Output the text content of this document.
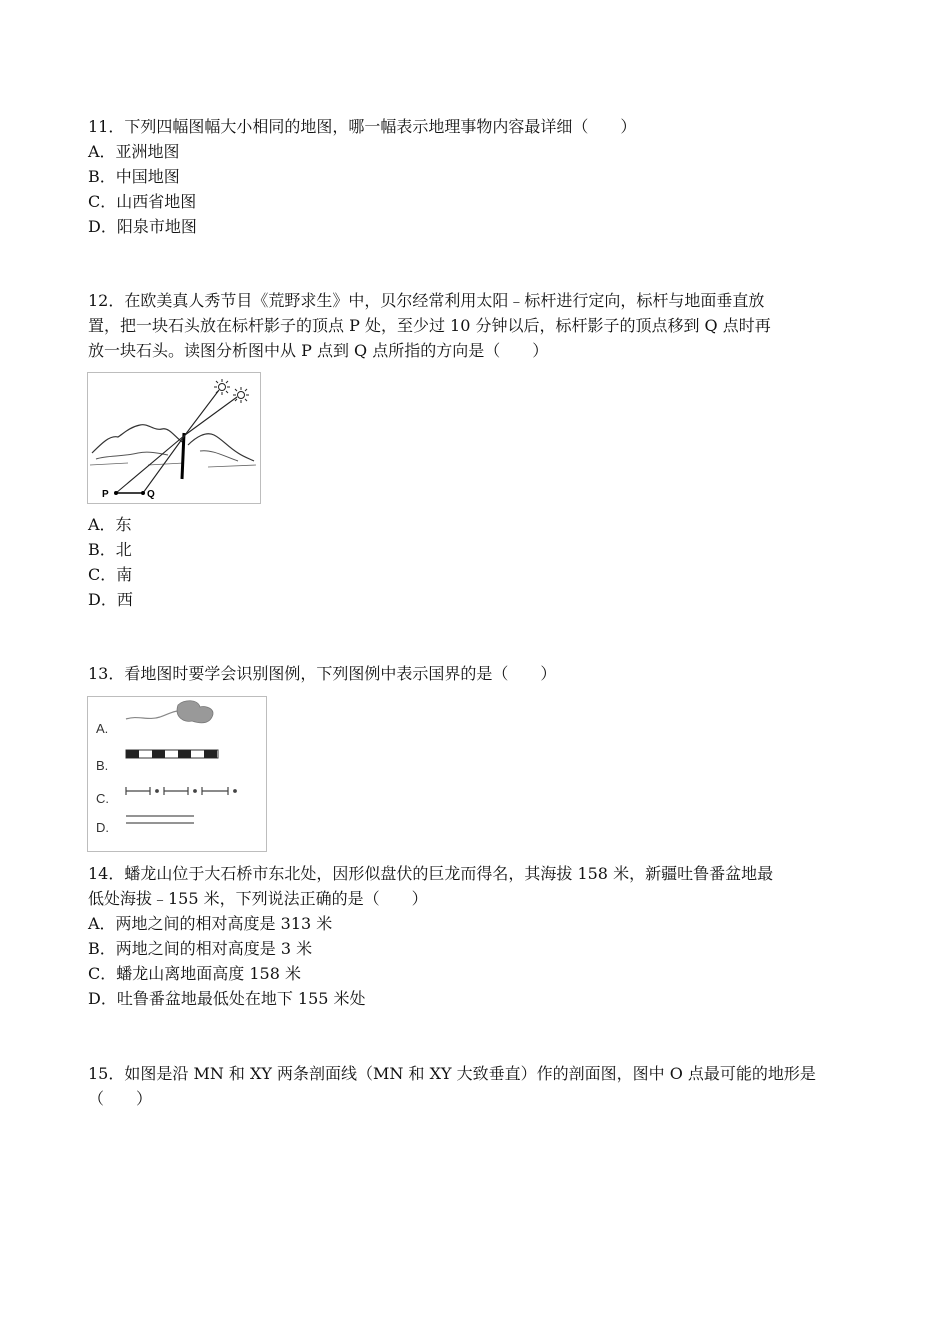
11．下列四幅图幅大小相同的地图，哪一幅表示地理事物内容最详细（　　）
A．亚洲地图
B．中国地图
C．山西省地图
D．阳泉市地图
12．在欧美真人秀节目《荒野求生》中，贝尔经常利用太阳﹣标杆进行定向，标杆与地面垂直放
置，把一块石头放在标杆影子的顶点 P 处，至少过 10 分钟以后，标杆影子的顶点移到 Q 点时再
放一块石头。读图分析图中从 P 点到 Q 点所指的方向是（　　）
P	Q
A．东
B．北
C．南
D．西
13．看地图时要学会识别图例，下列图例中表示国界的是（　　）
A.
B.
C.
D.
14．蟠龙山位于大石桥市东北处，因形似盘伏的巨龙而得名，其海拔 158 米，新疆吐鲁番盆地最
低处海拔﹣155 米，下列说法正确的是（　　）
A．两地之间的相对高度是 313 米
B．两地之间的相对高度是 3 米
C．蟠龙山离地面高度 158 米
D．吐鲁番盆地最低处在地下 155 米处
15．如图是沿 MN 和 XY 两条剖面线（MN 和 XY 大致垂直）作的剖面图，图中 O 点最可能的地形是
（　　）
